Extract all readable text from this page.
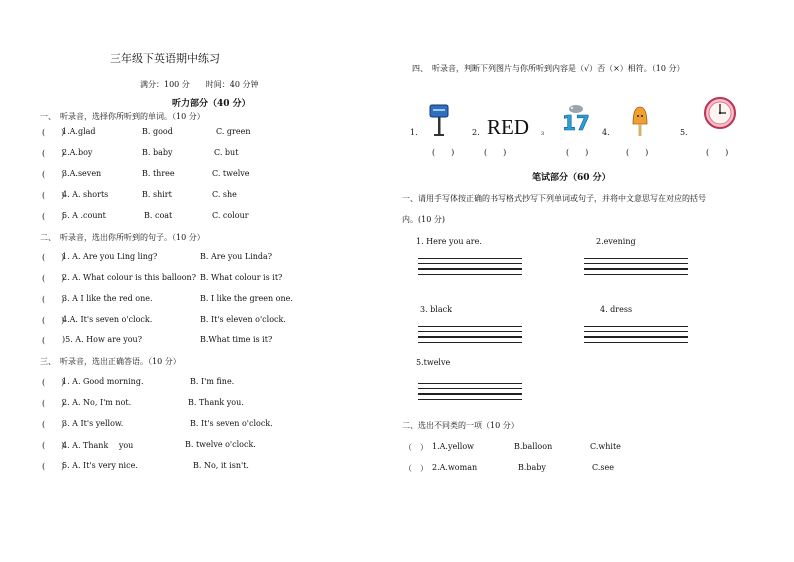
三年级下英语期中练习
满分：100 分　　时间：40 分钟
听力部分（40 分）
一、　听录音，选择你所听到的单词。（10 分）
(　　)
1.A.glad	B. good	C. green
(　　)
2.A.boy	B. baby	C. but
(　　)
3.A.seven	B. three	C. twelve
(　　)
4. A. shorts	B. shirt	C. she
(　　)
5. A .count	B. coat	C. colour
二、　听录音，选出你所听到的句子。（10 分）
(　　)
1. A. Are you Ling ling?	B. Are you Linda?
(　　)
2. A. What colour is this balloon? B. What colour is it?
(　　)
3. A I like the red one.	B. I like the green one.
(　　)
4.A. It's seven o'clock.	B. It's eleven o'clock.
(　　 )5. A. How are you?	B.What time is it?
三、　听录音，选出正确答语。（10 分）
(　　)
1. A. Good morning.	B. I'm fine.
(　　)
2. A. No, I'm not.	B. Thank you.
(　　)
3. A It's yellow.	B. It's seven o'clock.
(　　)
4. A. Thank　 you	B. twelve o'clock.
(　　)
5. A. It's very nice.	B. No, it isn't.
四、　听录音，判断下列图片与你所听到内容是（√）否（×）相符。（10 分）
1.
(　　)
2. RED 3
(　　)
17
(　　)
4.
(　　)
5.
(　　)
笔试部分（60 分）
一、请用手写体按正确的书写格式抄写下列单词或句子，并将中文意思写在对应的括号
内。(10 分)
1. Here you are.	2.evening
3. black	4. dress
5.twelve
二、选出不同类的一项（10 分）
（　） 1.A.yellow	B.balloon	C.white
（　） 2.A.woman	B.baby	C.see
